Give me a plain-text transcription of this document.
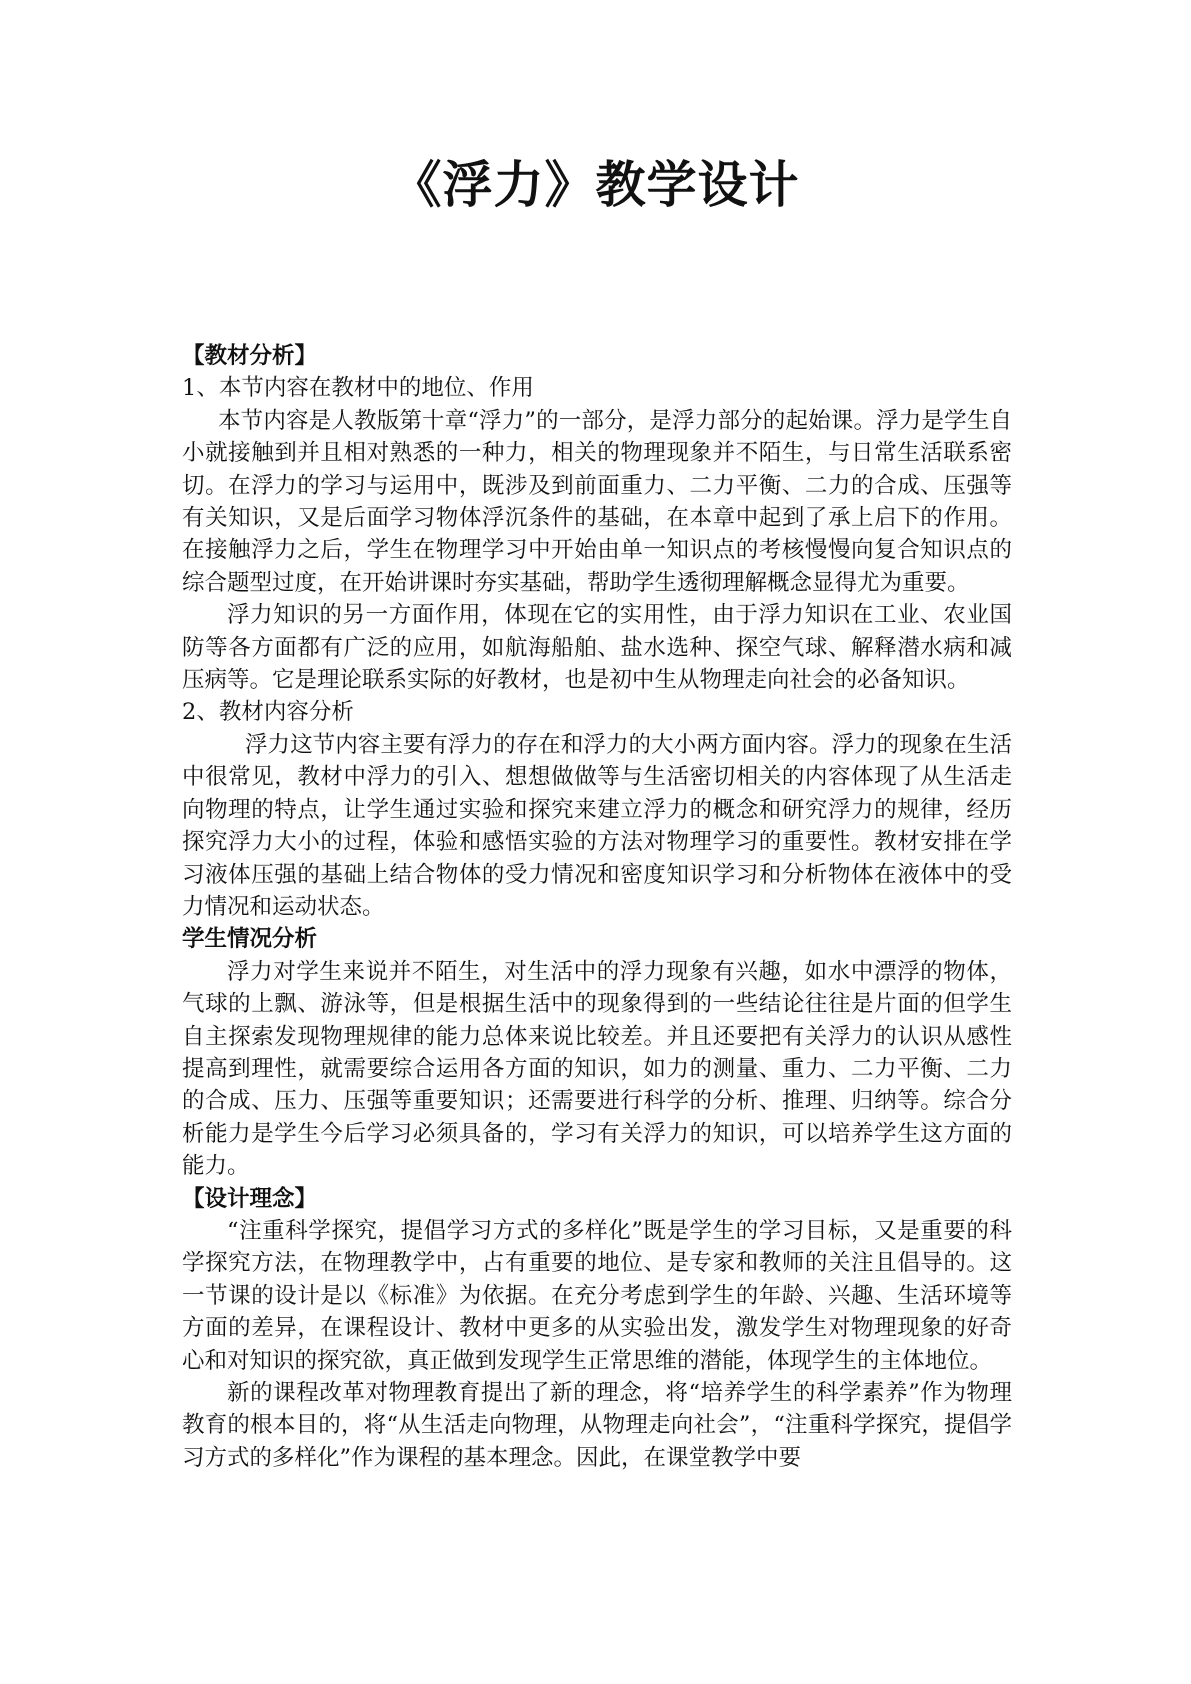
《浮力》教学设计

【教材分析】

1、本节内容在教材中的地位、作用

本节内容是人教版第十章“浮力”的一部分，是浮力部分的起始课。浮力是学生自小就接触到并且相对熟悉的一种力，相关的物理现象并不陌生，与日常生活联系密切。在浮力的学习与运用中，既涉及到前面重力、二力平衡、二力的合成、压强等有关知识，又是后面学习物体浮沉条件的基础，在本章中起到了承上启下的作用。在接触浮力之后，学生在物理学习中开始由单一知识点的考核慢慢向复合知识点的综合题型过度，在开始讲课时夯实基础，帮助学生透彻理解概念显得尤为重要。

浮力知识的另一方面作用，体现在它的实用性，由于浮力知识在工业、农业国防等各方面都有广泛的应用，如航海船舶、盐水选种、探空气球、解释潜水病和减压病等。它是理论联系实际的好教材，也是初中生从物理走向社会的必备知识。

2、教材内容分析

浮力这节内容主要有浮力的存在和浮力的大小两方面内容。浮力的现象在生活中很常见，教材中浮力的引入、想想做做等与生活密切相关的内容体现了从生活走向物理的特点，让学生通过实验和探究来建立浮力的概念和研究浮力的规律，经历探究浮力大小的过程，体验和感悟实验的方法对物理学习的重要性。教材安排在学习液体压强的基础上结合物体的受力情况和密度知识学习和分析物体在液体中的受力情况和运动状态。

学生情况分析

浮力对学生来说并不陌生，对生活中的浮力现象有兴趣，如水中漂浮的物体，气球的上飘、游泳等，但是根据生活中的现象得到的一些结论往往是片面的但学生自主探索发现物理规律的能力总体来说比较差。并且还要把有关浮力的认识从感性提高到理性，就需要综合运用各方面的知识，如力的测量、重力、二力平衡、二力的合成、压力、压强等重要知识；还需要进行科学的分析、推理、归纳等。综合分析能力是学生今后学习必须具备的，学习有关浮力的知识，可以培养学生这方面的能力。

【设计理念】

“注重科学探究，提倡学习方式的多样化”既是学生的学习目标，又是重要的科学探究方法，在物理教学中，占有重要的地位、是专家和教师的关注且倡导的。这一节课的设计是以《标准》为依据。在充分考虑到学生的年龄、兴趣、生活环境等方面的差异，在课程设计、教材中更多的从实验出发，激发学生对物理现象的好奇心和对知识的探究欲，真正做到发现学生正常思维的潜能，体现学生的主体地位。

新的课程改革对物理教育提出了新的理念，将“培养学生的科学素养”作为物理教育的根本目的，将“从生活走向物理，从物理走向社会”，“注重科学探究，提倡学习方式的多样化”作为课程的基本理念。因此，在课堂教学中要
